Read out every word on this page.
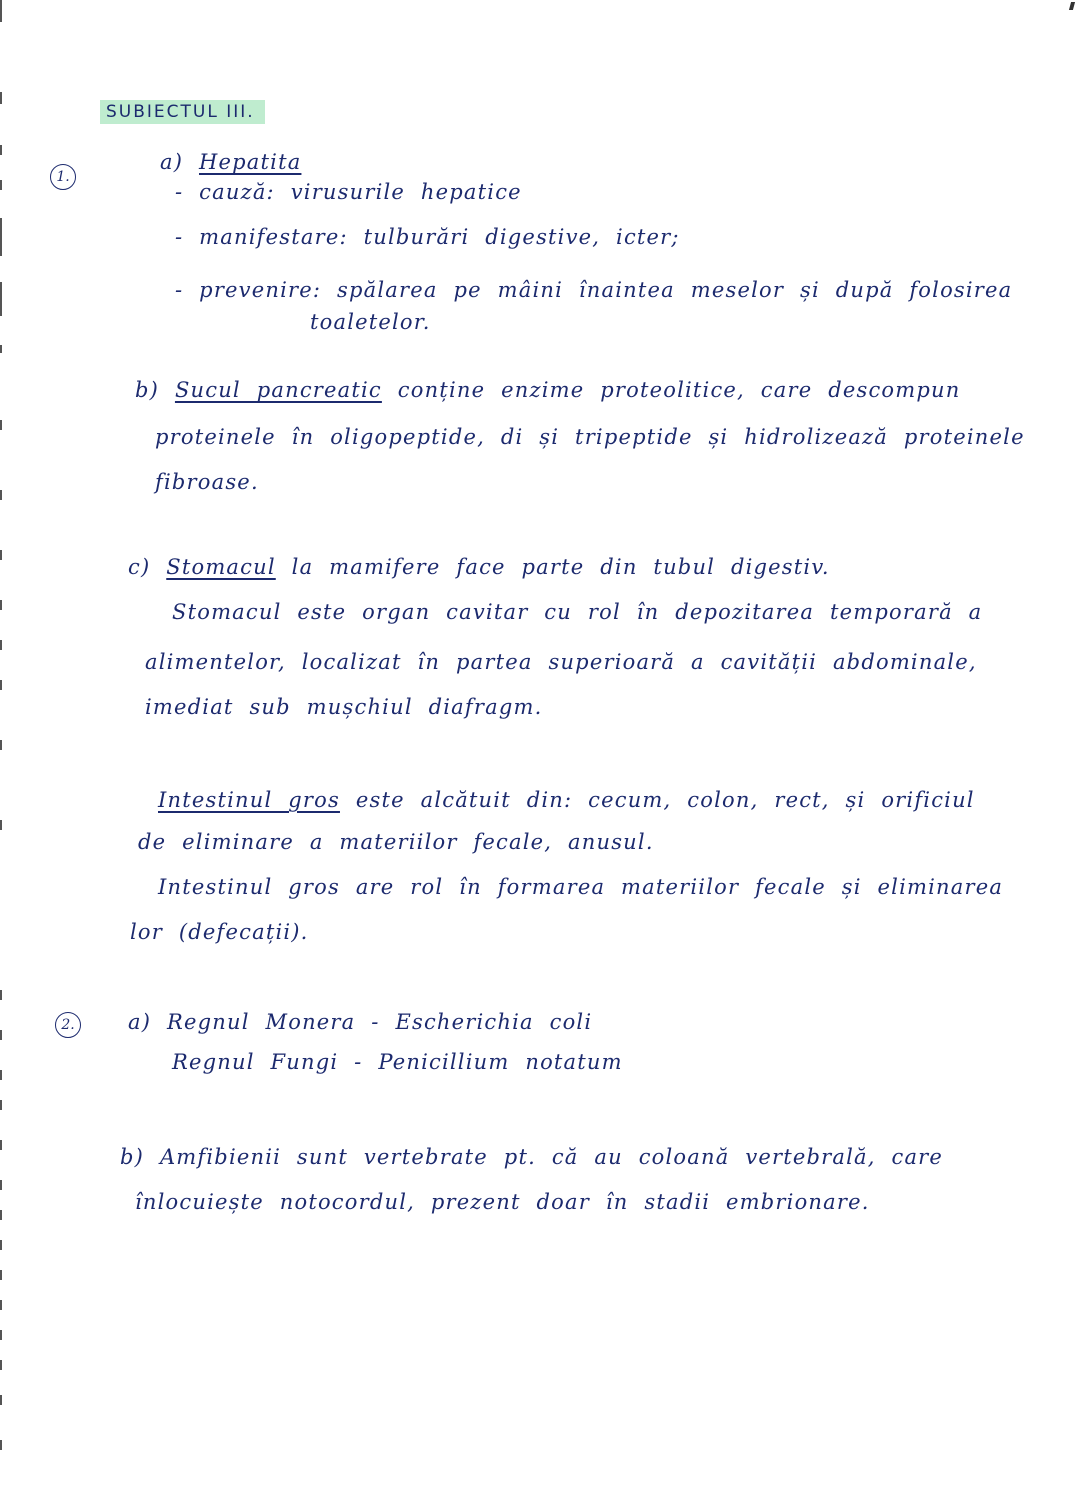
SUBIECTUL III.
1.
a) Hepatita
- cauză: virusurile hepatice
- manifestare: tulburări digestive, icter;
- prevenire: spălarea pe mâini înaintea meselor și după folosirea
toaletelor.
b) Sucul pancreatic conține enzime proteolitice, care descompun
proteinele în oligopeptide, di și tripeptide și hidrolizează proteinele
fibroase.
c) Stomacul la mamifere face parte din tubul digestiv.
Stomacul este organ cavitar cu rol în depozitarea temporară a
alimentelor, localizat în partea superioară a cavității abdominale,
imediat sub mușchiul diafragm.
Intestinul gros este alcătuit din: cecum, colon, rect, și orificiul
de eliminare a materiilor fecale, anusul.
Intestinul gros are rol în formarea materiilor fecale și eliminarea
lor (defecații).
2.	a) Regnul Monera - Escherichia coli
Regnul Fungi - Penicillium notatum
b) Amfibienii sunt vertebrate pt. că au coloană vertebrală, care
înlocuiește notocordul, prezent doar în stadii embrionare.
